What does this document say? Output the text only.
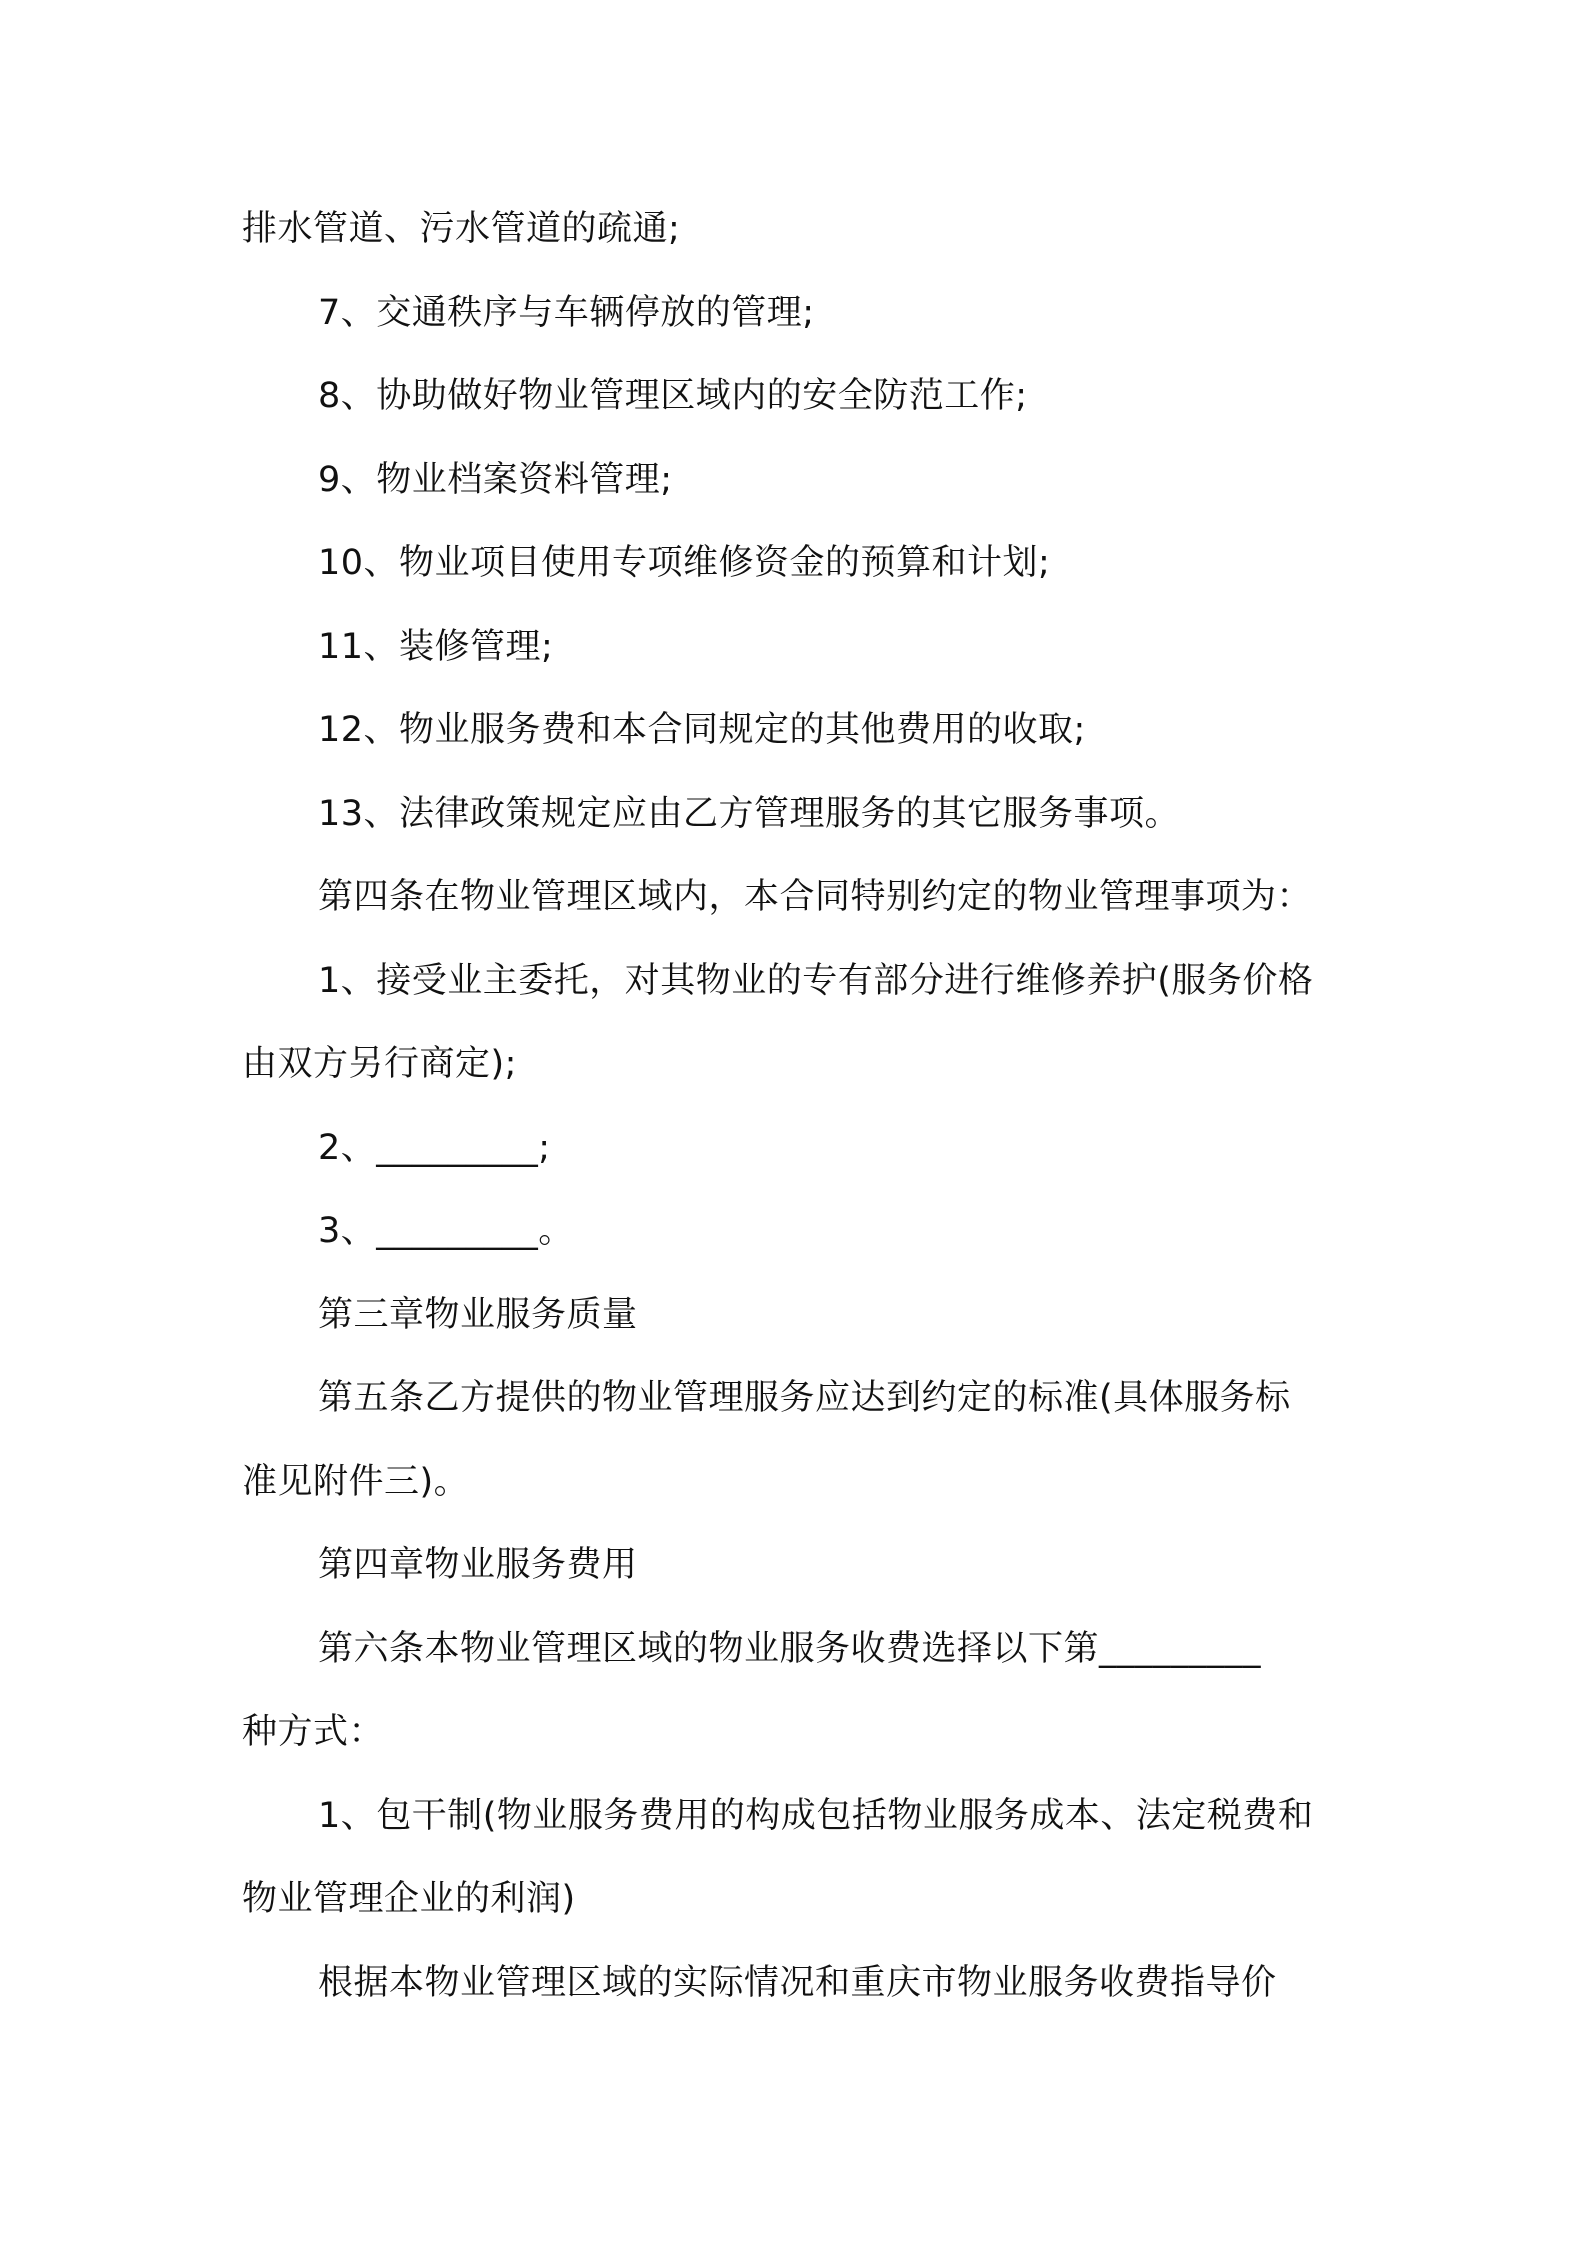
排水管道、污水管道的疏通;
7、交通秩序与车辆停放的管理;
8、协助做好物业管理区域内的安全防范工作;
9、物业档案资料管理;
10、物业项目使用专项维修资金的预算和计划;
11、装修管理;
12、物业服务费和本合同规定的其他费用的收取;
13、法律政策规定应由乙方管理服务的其它服务事项。
第四条在物业管理区域内，本合同特别约定的物业管理事项为：
1、接受业主委托，对其物业的专有部分进行维修养护(服务价格
由双方另行商定);
2、_________;
3、_________。
第三章物业服务质量
第五条乙方提供的物业管理服务应达到约定的标准(具体服务标
准见附件三)。
第四章物业服务费用
第六条本物业管理区域的物业服务收费选择以下第_________
种方式：
1、包干制(物业服务费用的构成包括物业服务成本、法定税费和
物业管理企业的利润)
根据本物业管理区域的实际情况和重庆市物业服务收费指导价
